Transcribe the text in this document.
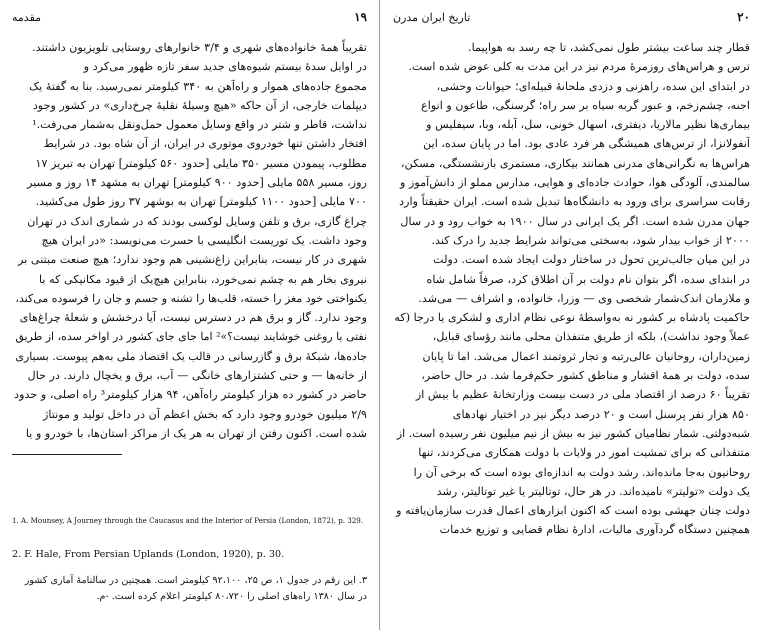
مقدمه	۱۹
تقریباً همهٔ خانواده‌های شهری و ۳/۴ خانوارهای روستایی تلویزیون داشتند.
در اوایل سدهٔ بیستم شیوه‌های جدید سفر تازه ظهور می‌کرد و
مجموع جاده‌های هموار و راه‌آهن به ۳۴۰ کیلومتر نمی‌رسید. بنا به گفتهٔ یک
دیپلمات خارجی، از آن حاکه «هیچ وسیلهٔ نقلیهٔ چرخ‌داری» در کشور وجود
نداشت، قاطر و شتر در واقع وسایل معمول حمل‌ونقل به‌شمار می‌رفت.¹
افتخار داشتن تنها خودروی موتوری در ایران، از آن شاه بود. در شرایط
مطلوب، پیمودن مسیر ۳۵۰ مایلی [حدود ۵۶۰ کیلومتر] تهران به تبریز ۱۷
روز، مسیر ۵۵۸ مایلی [حدود ۹۰۰ کیلومتر] تهران به مشهد ۱۴ روز و مسیر
۷۰۰ مایلی [حدود ۱۱۰۰ کیلومتر] تهران به بوشهر ۳۷ روز طول می‌کشید.
چراغ گازی، برق و تلفن وسایل لوکسی بودند که در شماری اندک در تهران
وجود داشت. یک توریست انگلیسی با حسرت می‌نویسد: «در ایران هیچ
شهری در کار نیست، بنابراین زاغ‌نشینی هم وجود ندارد؛ هیچ صنعت مبتنی بر
نیروی بخار هم به چشم نمی‌خورد، بنابراین هیچ‌یک از قیود مکانیکی که با
یکنواختی خود مغز را خسته، قلب‌ها را تشنه و جسم و جان را فرسوده می‌کند،
وجود ندارد. گاز و برق هم در دسترس نیست، آیا درخشش و شعلهٔ چراغ‌های
نفتی یا روغنی خوشایند نیست؟»² اما جای جای کشور در اواخر سده، از طریق
جاده‌ها، شبکهٔ برق و گازرسانی در قالب یک اقتصاد ملی به‌هم پیوست. بسیاری
از خانه‌ها — و حتی کشتزارهای خانگی — آب، برق و یخچال دارند. در حال
حاضر در کشور ده هزار کیلومتر راه‌آهن، ۹۴ هزار کیلومتر³ راه اصلی، و حدود
۲/۹ میلیون خودرو وجود دارد که بخش اعظم آن در داخل تولید و مونتاژ
شده است. اکنون رفتن از تهران به هر یک از مراکز استان‌ها، با خودرو و یا
1. A. Mounsey, A Journey through the Caucasus and the Interior of Persia (London, 1872), p. 329.
2. F. Hale, From Persian Uplands (London, 1920), p. 30.
۳. این رقم در جدول ۱، ص ۲۵، ۹۲،۱۰۰ کیلومتر است. همچنین در سالنامهٔ آماری کشور
در سال ۱۳۸۰ راه‌های اصلی را ۸۰،۷۲۰ کیلومتر اعلام کرده است. -م.
تاریخ ایران مدرن	۲۰
قطار چند ساعت بیشتر طول نمی‌کشد، تا چه رسد به هواپیما.
ترس و هراس‌های روزمرهٔ مردم نیز در این مدت به کلی عوض شده است.
در ابتدای این سده، راهزنی و دزدی ملحانهٔ قبیله‌ای؛ حیوانات وحشی،
اجنه، چشم‌زخم، و عبور گربه سیاه بر سر راه؛ گرسنگی، طاعون و انواع
بیماری‌ها نظیر مالاریا، دیفتری، اسهال خونی، سل، آبله، وبا، سیفلیس و
آنفولانزا، از ترس‌های همیشگی هر فرد عادی بود. اما در پایان سده، این
هراس‌ها به نگرانی‌های مدرنی همانند بیکاری، مستمری بازنشستگی، مسکن،
سالمندی، آلودگی هوا، حوادث جاده‌ای و هوایی، مدارس مملو از دانش‌آموز و
رقابت سراسری برای ورود به دانشگاه‌ها تبدیل شده است. ایران حقیقتاً وارد
جهان مدرن شده است. اگر یک ایرانی در سال ۱۹۰۰ به خواب رود و در سال
۲۰۰۰ از خواب بیدار شود، به‌سختی می‌تواند شرایط جدید را درک کند.
در این میان جالب‌ترین تحول در ساختار دولت ایجاد شده است. دولت
در ابتدای سده، اگر بتوان نام دولت بر آن اطلاق کرد، صرفاً شامل شاه
و ملازمان اندک‌شمار شخصی وی — وزرا، خانواده، و اشراف — می‌شد.
حاکمیت پادشاه بر کشور نه به‌واسطهٔ نوعی نظام اداری و لشکری یا درجا (که
عملاً وجود نداشت)، بلکه از طریق متنفذان محلی مانند رؤسای قبایل،
زمین‌داران، روحانیان عالی‌رتبه و تجار ثروتمند اعمال می‌شد. اما تا پایان
سده، دولت بر همهٔ اقشار و مناطق کشور حکم‌فرما شد. در حال حاضر،
تقریباً ۶۰ درصد از اقتصاد ملی در دست بیست وزارتخانهٔ عظیم با بیش از
۸۵۰ هزار نفر پرسنل است و ۲۰ درصد دیگر نیز در اختیار نهادهای
شبه‌دولتی. شمار نظامیان کشور نیز به بیش از نیم میلیون نفر رسیده است. از
متنفذانی که برای تمشیت امور در ولایات با دولت همکاری می‌کردند، تنها
روحانیون به‌جا مانده‌اند. رشد دولت به اندازه‌ای بوده است که برخی آن را
یک دولت «تولیتر» نامیده‌اند. در هر حال، توتالیتر یا غیر توتالیتر، رشد
دولت چنان جهشی بوده است که اکنون ابزارهای اعمال قدرت سازمان‌یافته و
همچنین دستگاه گردآوری مالیات، ادارهٔ نظام قضایی و توزیع خدمات
